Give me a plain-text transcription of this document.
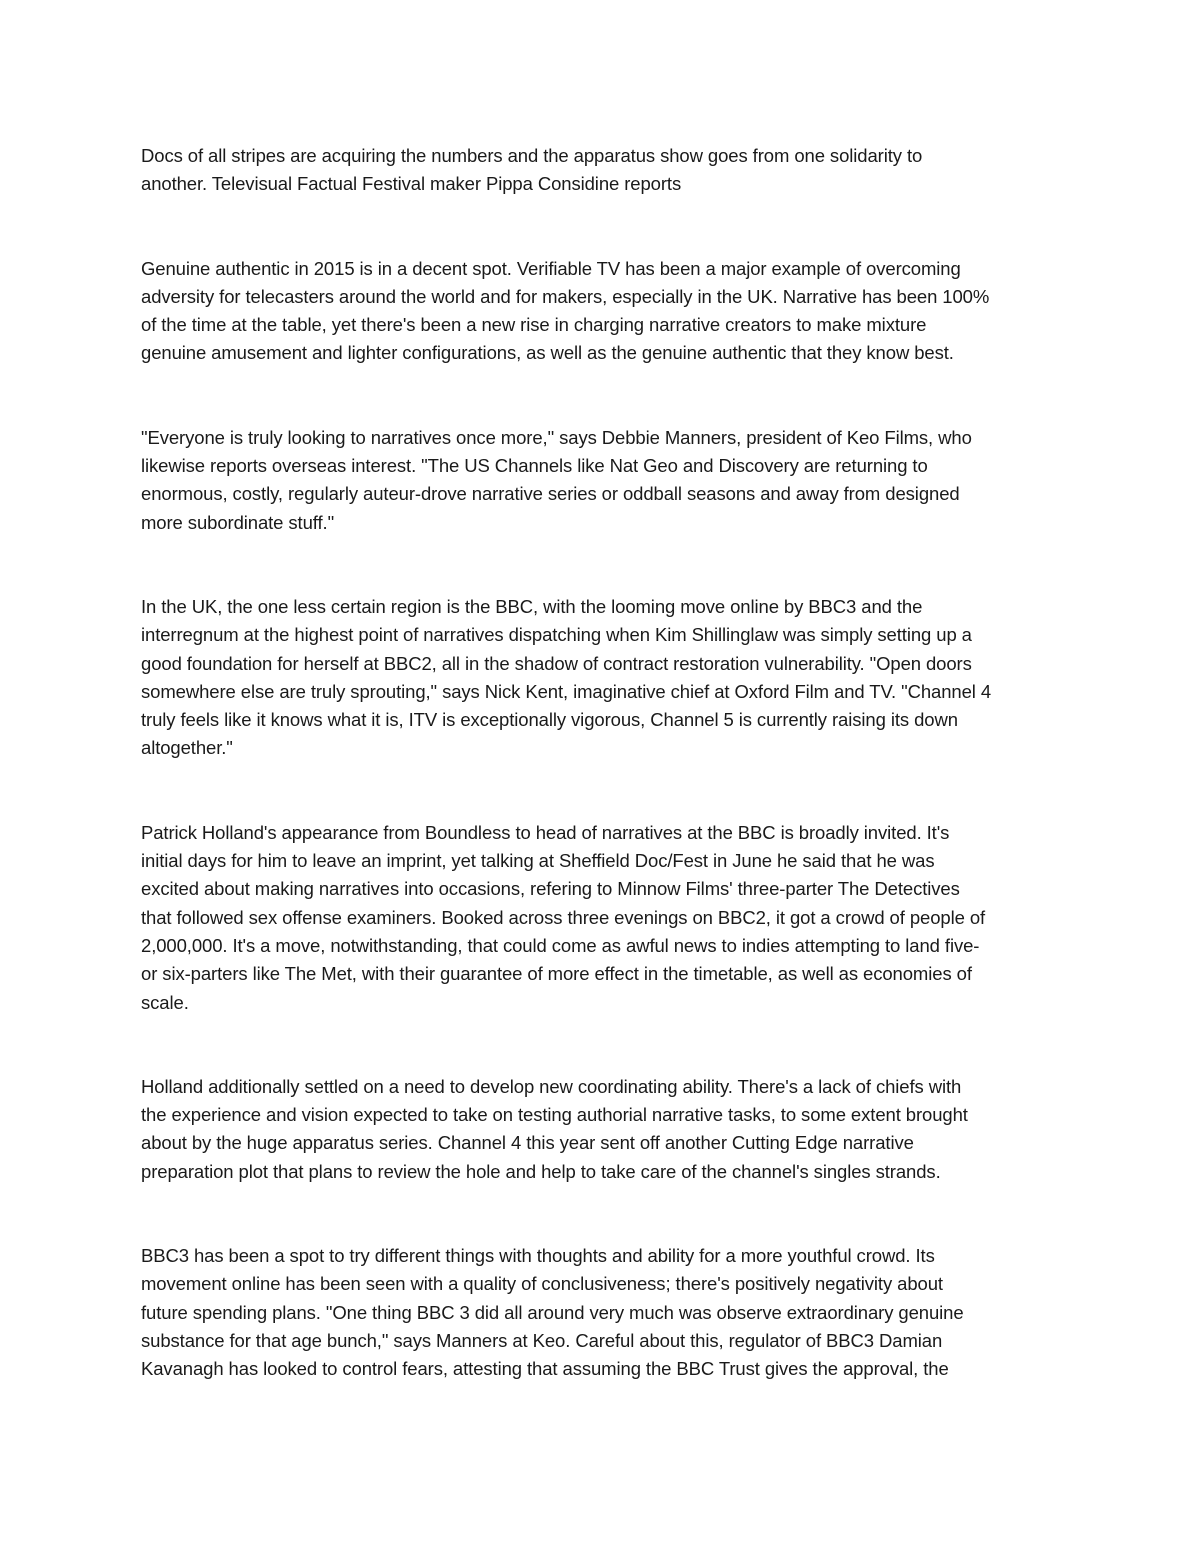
Docs of all stripes are acquiring the numbers and the apparatus show goes from one solidarity to
another. Televisual Factual Festival maker Pippa Considine reports

Genuine authentic in 2015 is in a decent spot. Verifiable TV has been a major example of overcoming
adversity for telecasters around the world and for makers, especially in the UK. Narrative has been 100%
of the time at the table, yet there's been a new rise in charging narrative creators to make mixture
genuine amusement and lighter configurations, as well as the genuine authentic that they know best.

"Everyone is truly looking to narratives once more," says Debbie Manners, president of Keo Films, who
likewise reports overseas interest. "The US Channels like Nat Geo and Discovery are returning to
enormous, costly, regularly auteur-drove narrative series or oddball seasons and away from designed
more subordinate stuff."

In the UK, the one less certain region is the BBC, with the looming move online by BBC3 and the
interregnum at the highest point of narratives dispatching when Kim Shillinglaw was simply setting up a
good foundation for herself at BBC2, all in the shadow of contract restoration vulnerability. "Open doors
somewhere else are truly sprouting," says Nick Kent, imaginative chief at Oxford Film and TV. "Channel 4
truly feels like it knows what it is, ITV is exceptionally vigorous, Channel 5 is currently raising its down
altogether."

Patrick Holland's appearance from Boundless to head of narratives at the BBC is broadly invited. It's
initial days for him to leave an imprint, yet talking at Sheffield Doc/Fest in June he said that he was
excited about making narratives into occasions, refering to Minnow Films' three-parter The Detectives
that followed sex offense examiners. Booked across three evenings on BBC2, it got a crowd of people of
2,000,000. It's a move, notwithstanding, that could come as awful news to indies attempting to land five-
or six-parters like The Met, with their guarantee of more effect in the timetable, as well as economies of
scale.

Holland additionally settled on a need to develop new coordinating ability. There's a lack of chiefs with
the experience and vision expected to take on testing authorial narrative tasks, to some extent brought
about by the huge apparatus series. Channel 4 this year sent off another Cutting Edge narrative
preparation plot that plans to review the hole and help to take care of the channel's singles strands.

BBC3 has been a spot to try different things with thoughts and ability for a more youthful crowd. Its
movement online has been seen with a quality of conclusiveness; there's positively negativity about
future spending plans. "One thing BBC 3 did all around very much was observe extraordinary genuine
substance for that age bunch," says Manners at Keo. Careful about this, regulator of BBC3 Damian
Kavanagh has looked to control fears, attesting that assuming the BBC Trust gives the approval, the
